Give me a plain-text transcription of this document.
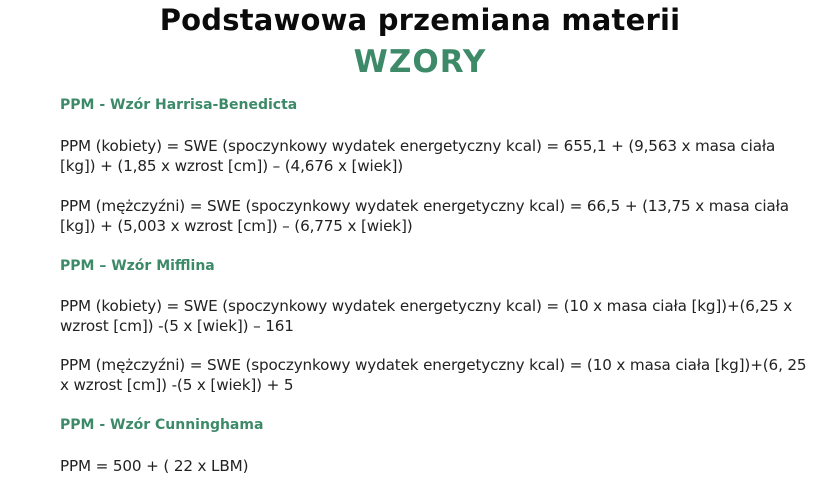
Podstawowa przemiana materii
WZORY
PPM - Wzór Harrisa-Benedicta
PPM (kobiety) = SWE (spoczynkowy wydatek energetyczny kcal) = 655,1 + (9,563 x masa ciała
[kg]) + (1,85 x wzrost [cm]) – (4,676 x [wiek])
PPM (mężczyźni) = SWE (spoczynkowy wydatek energetyczny kcal) = 66,5 + (13,75 x masa ciała
[kg]) + (5,003 x wzrost [cm]) – (6,775 x [wiek])
PPM – Wzór Mifflina
PPM (kobiety) = SWE (spoczynkowy wydatek energetyczny kcal) = (10 x masa ciała [kg])+(6,25 x
wzrost [cm]) -(5 x [wiek]) – 161
PPM (mężczyźni) = SWE (spoczynkowy wydatek energetyczny kcal) = (10 x masa ciała [kg])+(6, 25
x wzrost [cm]) -(5 x [wiek]) + 5
PPM - Wzór Cunninghama
PPM = 500 + ( 22 x LBM)
